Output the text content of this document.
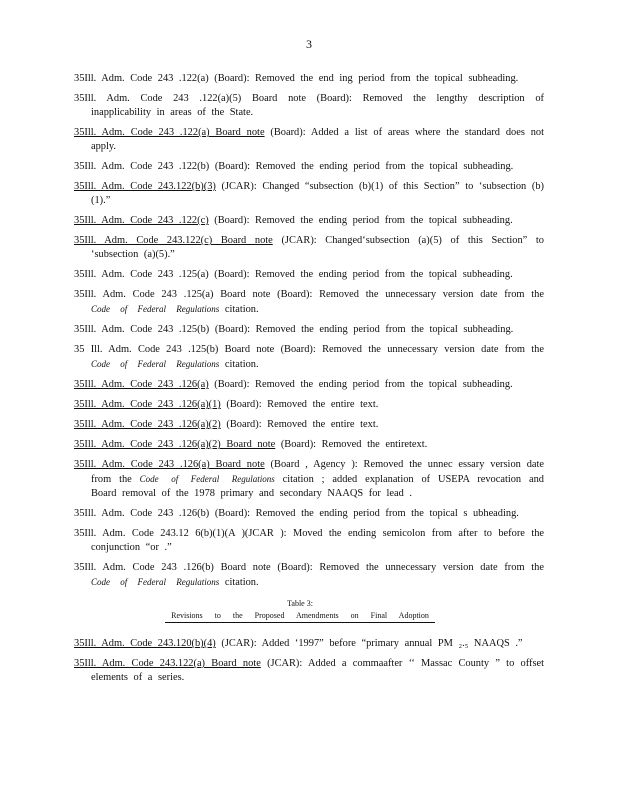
3

35Ill. Adm. Code 243 .122(a) (Board): Removed the end ing period from the topical subheading.

35Ill. Adm. Code 243 .122(a)(5) Board note (Board): Removed the lengthy description of inapplicability in areas of the State.

35Ill. Adm. Code 243 .122(a) Board note (Board): Added a list of areas where the standard does not apply.

35Ill. Adm. Code 243 .122(b) (Board): Removed the ending period from the topical subheading.

35Ill. Adm. Code 243.122(b)(3) (JCAR): Changed “subsection (b)(1) of this Section” to ‘subsection (b)(1).”

35Ill. Adm. Code 243 .122(c) (Board): Removed the ending period from the topical subheading.

35Ill. Adm. Code 243.122(c) Board note (JCAR): Changed‘subsection (a)(5) of this Section” to ‘subsection (a)(5).”

35Ill. Adm. Code 243 .125(a) (Board): Removed the ending period from the topical subheading.

35Ill. Adm. Code 243 .125(a) Board note (Board): Removed the unnecessary version date from the Code of Federal Regulations citation.

35Ill. Adm. Code 243 .125(b) (Board): Removed the ending period from the topical subheading.

35 Ill. Adm. Code 243 .125(b) Board note (Board): Removed the unnecessary version date from the Code of Federal Regulations citation.

35Ill. Adm. Code 243 .126(a) (Board): Removed the ending period from the topical subheading.

35Ill. Adm. Code 243 .126(a)(1) (Board): Removed the entire text.

35Ill. Adm. Code 243 .126(a)(2) (Board): Removed the entire text.

35Ill. Adm. Code 243 .126(a)(2) Board note (Board): Removed the entiretext.

35Ill. Adm. Code 243 .126(a) Board note (Board , Agency ): Removed the unnec essary version date from the Code of Federal Regulations citation ; added explanation of USEPA revocation and Board removal of the 1978 primary and secondary NAAQS for lead .

35Ill. Adm. Code 243 .126(b) (Board): Removed the ending period from the topical s ubheading.

35Ill. Adm. Code 243.12 6(b)(1)(A )(JCAR ): Moved the ending semicolon from after to before the conjunction “or .”

35Ill. Adm. Code 243 .126(b) Board note (Board): Removed the unnecessary version date from the Code of Federal Regulations citation.

Table 3:
Revisions to the Proposed Amendments on Final Adoption

35Ill. Adm. Code 243.120(b)(4) (JCAR): Added ‘1997” before “primary annual PM ₂.₅ NAAQS .”

35Ill. Adm. Code 243.122(a) Board note (JCAR): Added a commaafter ‘‘ Massac County ” to offset elements of a series.
